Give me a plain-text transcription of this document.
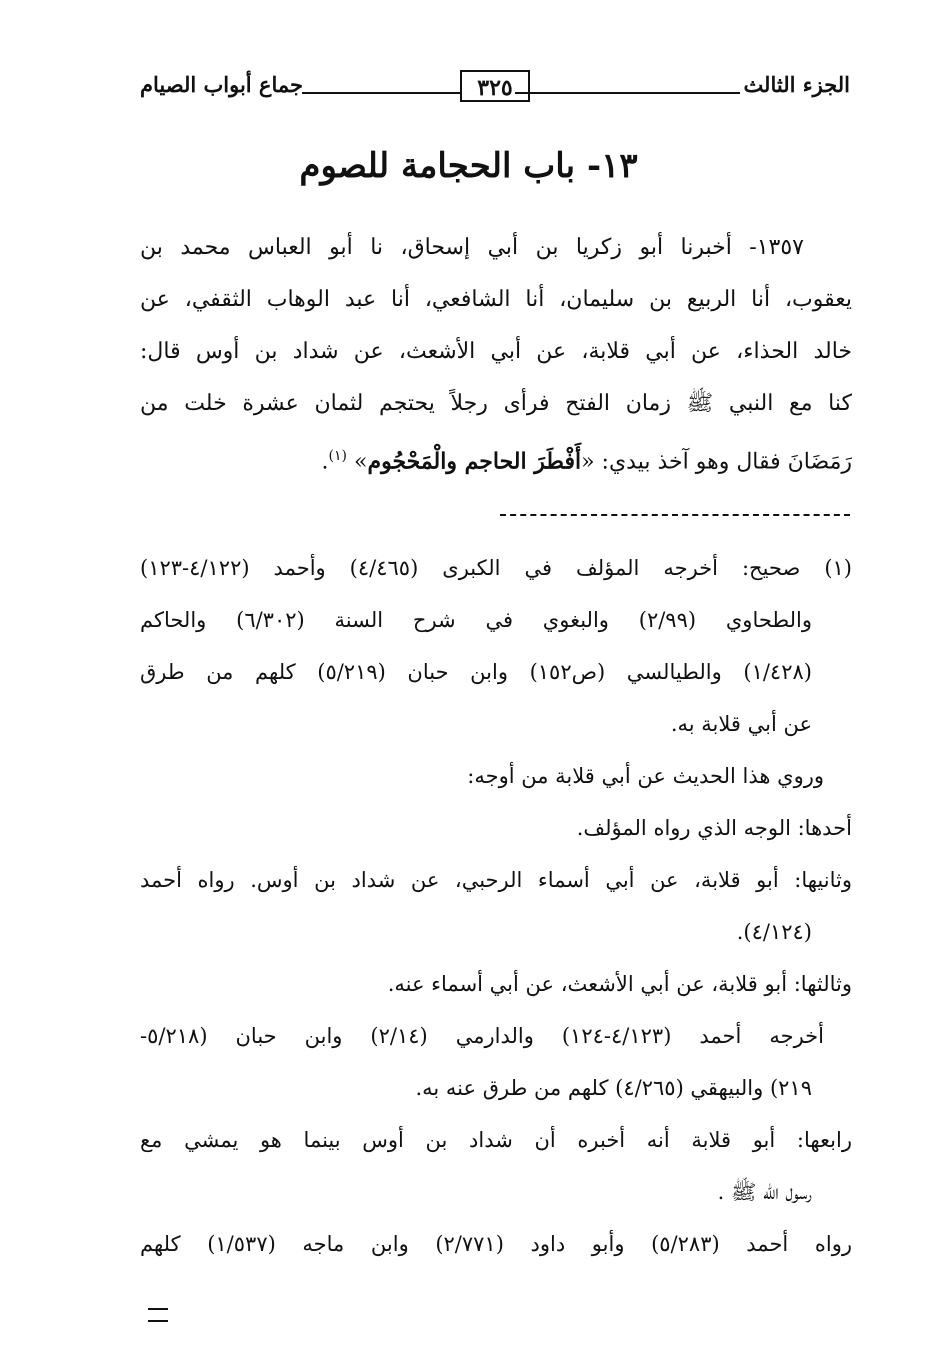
الجزء الثالث
٣٢٥
جماع أبواب الصيام
١٣- باب الحجامة للصوم
١٣٥٧- أخبرنا أبو زكريا بن أبي إسحاق، نا أبو العباس محمد بن
يعقوب، أنا الربيع بن سليمان، أنا الشافعي، أنا عبد الوهاب الثقفي، عن
خالد الحذاء، عن أبي قلابة، عن أبي الأشعث، عن شداد بن أوس قال:
كنا مع النبي ﷺ زمان الفتح فرأى رجلاً يحتجم لثمان عشرة خلت من
رَمَضَانَ فقال وهو آخذ بيدي: «أَفْطَرَ الحاجم والْمَحْجُوم» $^{(١)}$.
(١) صحيح: أخرجه المؤلف في الكبرى (٤/٤٦٥) وأحمد (٤/١٢٢-١٢٣)
والطحاوي (٢/٩٩) والبغوي في شرح السنة (٦/٣٠٢) والحاكم
(١/٤٢٨) والطيالسي (ص١٥٢) وابن حبان (٥/٢١٩) كلهم من طرق
عن أبي قلابة به.
وروي هذا الحديث عن أبي قلابة من أوجه:
أحدها: الوجه الذي رواه المؤلف.
وثانيها: أبو قلابة، عن أبي أسماء الرحبي، عن شداد بن أوس. رواه أحمد
(٤/١٢٤).
وثالثها: أبو قلابة، عن أبي الأشعث، عن أبي أسماء عنه.
أخرجه أحمد (٤/١٢٣-١٢٤) والدارمي (٢/١٤) وابن حبان (٥/٢١٨-
٢١٩) والبيهقي (٤/٢٦٥) كلهم من طرق عنه به.
رابعها: أبو قلابة أنه أخبره أن شداد بن أوس بينما هو يمشي مع
رسول الله ﷺ .
رواه أحمد (٥/٢٨٣) وأبو داود (٢/٧٧١) وابن ماجه (١/٥٣٧) كلهم
